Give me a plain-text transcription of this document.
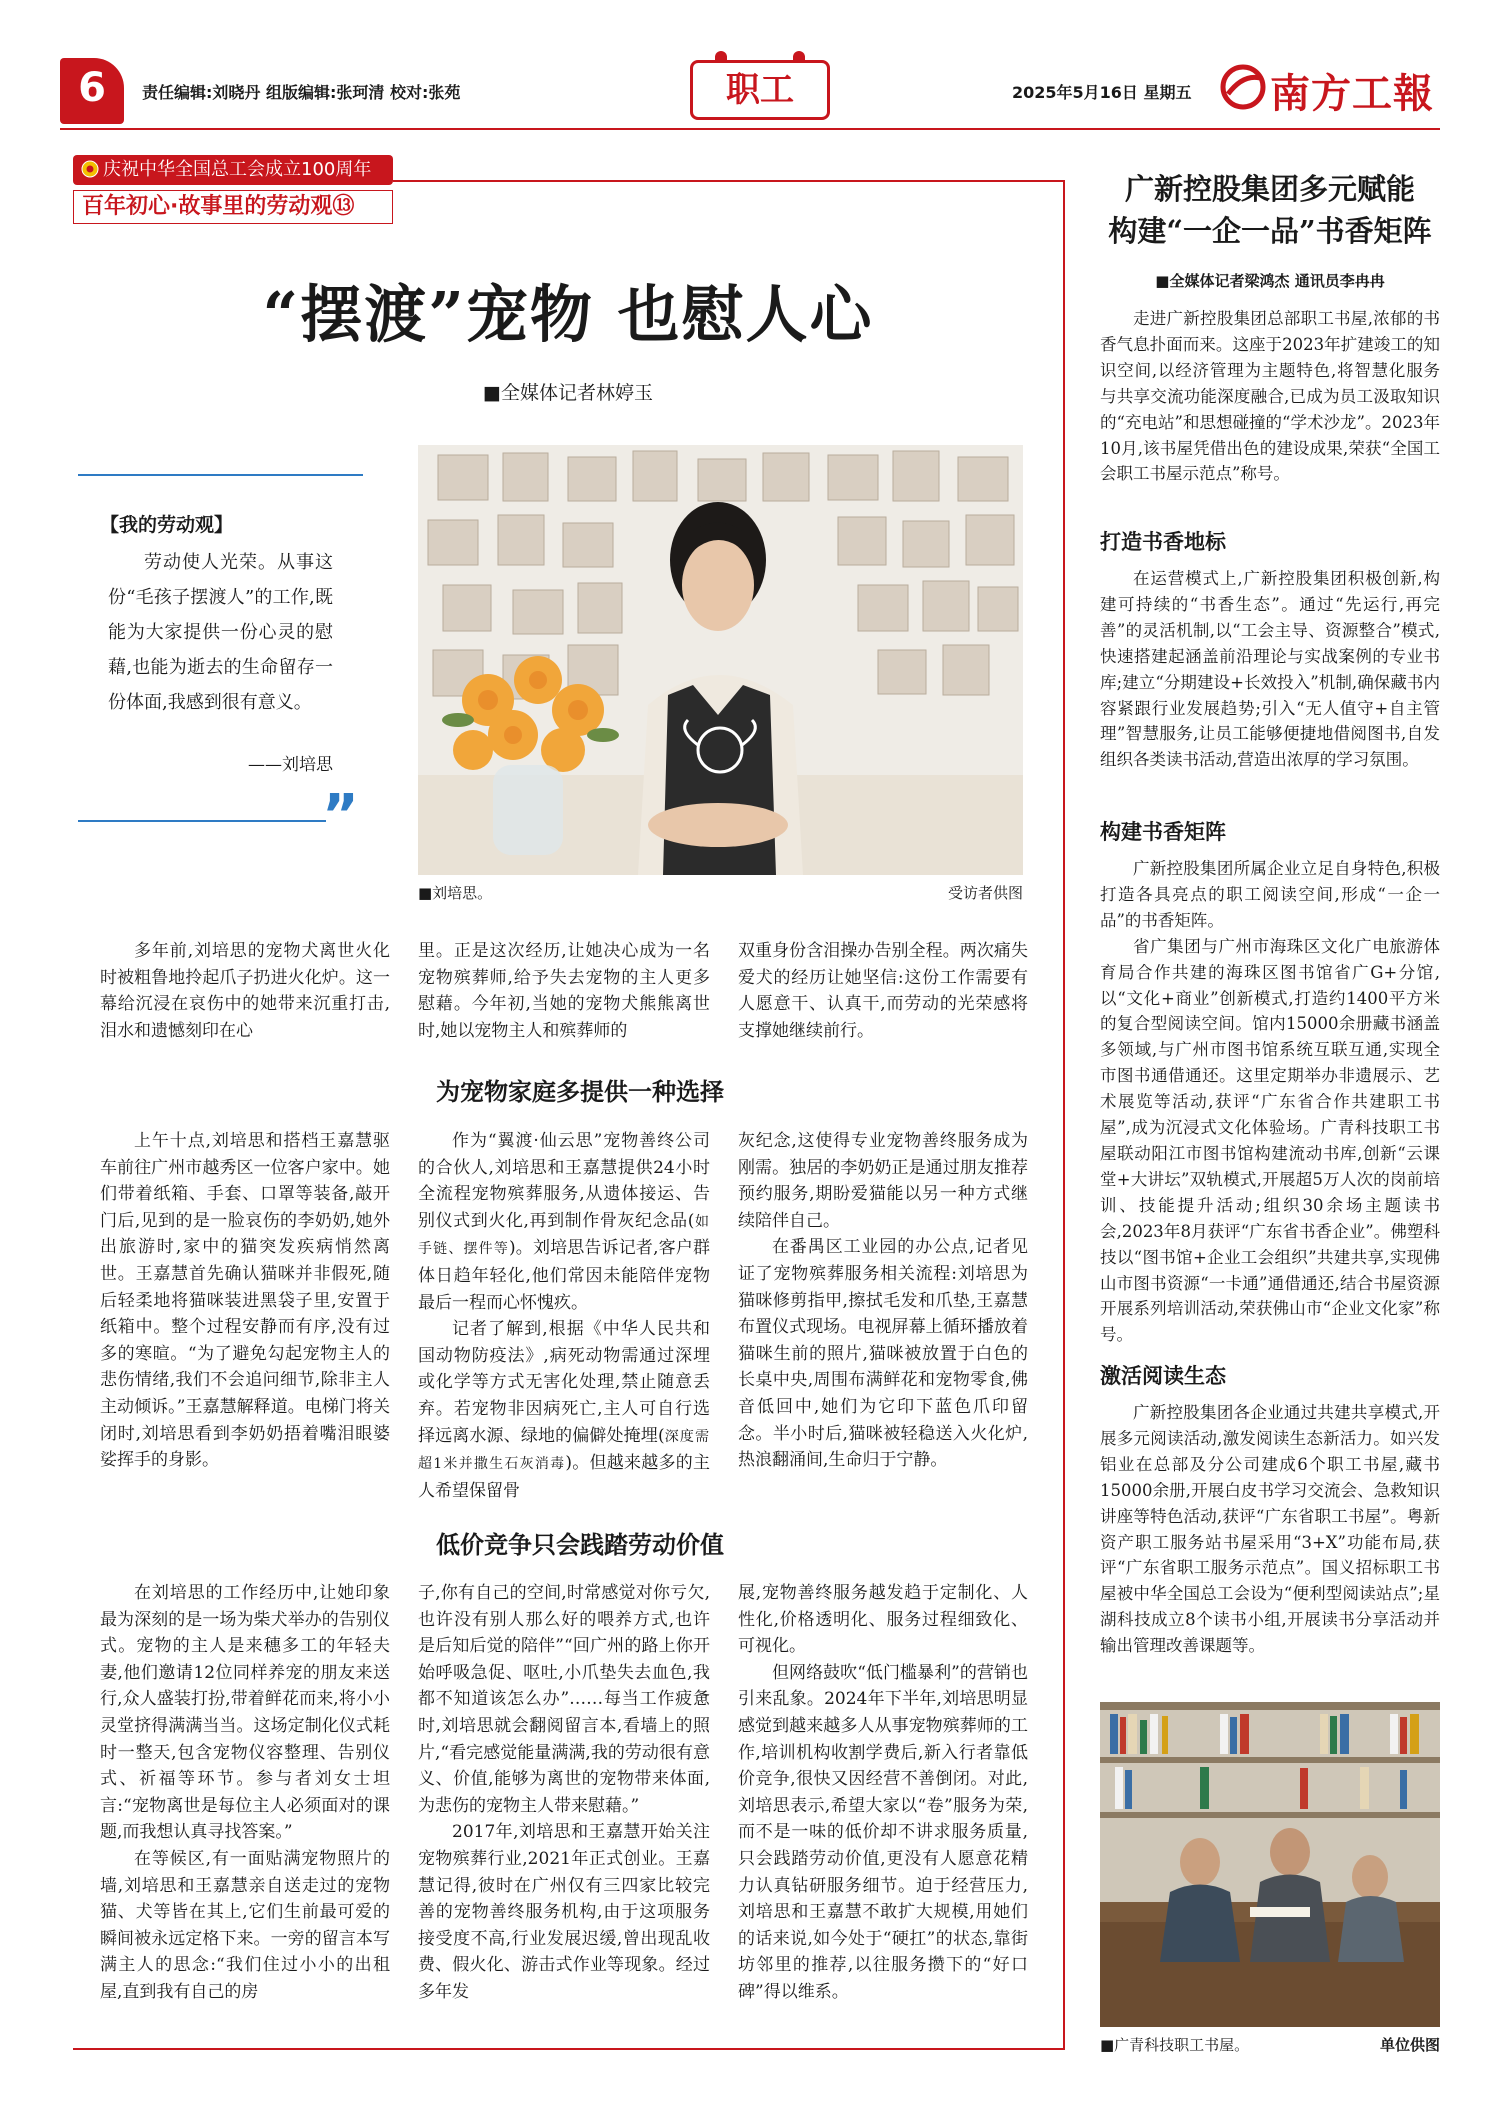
6	责任编辑:刘晓丹 组版编辑:张珂清 校对:张苑	职工	2025年5月16日 星期五 南方工報
庆祝中华全国总工会成立100周年
百年初心·故事里的劳动观⑬
“摆渡”宠物 也慰人心
■全媒体记者林婷玉
【我的劳动观】
劳动使人光荣。从事这份“毛孩子摆渡人”的工作,既能为大家提供一份心灵的慰藉,也能为逝去的生命留存一份体面,我感到很有意义。
——刘培思
”
■刘培思。	受访者供图
多年前,刘培思的宠物犬离世火化时被粗鲁地拎起爪子扔进火化炉。这一幕给沉浸在哀伤中的她带来沉重打击,泪水和遗憾刻印在心
里。正是这次经历,让她决心成为一名宠物殡葬师,给予失去宠物的主人更多慰藉。今年初,当她的宠物犬熊熊离世时,她以宠物主人和殡葬师的
双重身份含泪操办告别全程。两次痛失爱犬的经历让她坚信:这份工作需要有人愿意干、认真干,而劳动的光荣感将支撑她继续前行。
为宠物家庭多提供一种选择
上午十点,刘培思和搭档王嘉慧驱车前往广州市越秀区一位客户家中。她们带着纸箱、手套、口罩等装备,敲开门后,见到的是一脸哀伤的李奶奶,她外出旅游时,家中的猫突发疾病悄然离世。王嘉慧首先确认猫咪并非假死,随后轻柔地将猫咪装进黑袋子里,安置于纸箱中。整个过程安静而有序,没有过多的寒暄。“为了避免勾起宠物主人的悲伤情绪,我们不会追问细节,除非主人主动倾诉。”王嘉慧解释道。电梯门将关闭时,刘培思看到李奶奶捂着嘴泪眼婆娑挥手的身影。

作为“翼渡·仙云思”宠物善终公司的合伙人,刘培思和王嘉慧提供24小时全流程宠物殡葬服务,从遗体接运、告别仪式到火化,再到制作骨灰纪念品(如手链、摆件等)。刘培思告诉记者,客户群体日趋年轻化,他们常因未能陪伴宠物最后一程而心怀愧疚。

记者了解到,根据《中华人民共和国动物防疫法》,病死动物需通过深埋或化学等方式无害化处理,禁止随意丢弃。若宠物非因病死亡,主人可自行选择远离水源、绿地的偏僻处掩埋(深度需超1米并撒生石灰消毒)。但越来越多的主人希望保留骨

灰纪念,这使得专业宠物善终服务成为刚需。独居的李奶奶正是通过朋友推荐预约服务,期盼爱猫能以另一种方式继续陪伴自己。

在番禺区工业园的办公点,记者见证了宠物殡葬服务相关流程:刘培思为猫咪修剪指甲,擦拭毛发和爪垫,王嘉慧布置仪式现场。电视屏幕上循环播放着猫咪生前的照片,猫咪被放置于白色的长桌中央,周围布满鲜花和宠物零食,佛音低回中,她们为它印下蓝色爪印留念。半小时后,猫咪被轻稳送入火化炉,热浪翻涌间,生命归于宁静。

低价竞争只会践踏劳动价值

在刘培思的工作经历中,让她印象最为深刻的是一场为柴犬举办的告别仪式。宠物的主人是来穗多工的年轻夫妻,他们邀请12位同样养宠的朋友来送行,众人盛装打扮,带着鲜花而来,将小小灵堂挤得满满当当。这场定制化仪式耗时一整天,包含宠物仪容整理、告别仪式、祈福等环节。参与者刘女士坦言:“宠物离世是每位主人必须面对的课题,而我想认真寻找答案。”

在等候区,有一面贴满宠物照片的墙,刘培思和王嘉慧亲自送走过的宠物猫、犬等皆在其上,它们生前最可爱的瞬间被永远定格下来。一旁的留言本写满主人的思念:“我们住过小小的出租屋,直到我有自己的房

子,你有自己的空间,时常感觉对你亏欠,也许没有别人那么好的喂养方式,也许是后知后觉的陪伴”“回广州的路上你开始呼吸急促、呕吐,小爪垫失去血色,我都不知道该怎么办”……每当工作疲惫时,刘培思就会翻阅留言本,看墙上的照片,“看完感觉能量满满,我的劳动很有意义、价值,能够为离世的宠物带来体面,为悲伤的宠物主人带来慰藉。”

2017年,刘培思和王嘉慧开始关注宠物殡葬行业,2021年正式创业。王嘉慧记得,彼时在广州仅有三四家比较完善的宠物善终服务机构,由于这项服务接受度不高,行业发展迟缓,曾出现乱收费、假火化、游击式作业等现象。经过多年发

展,宠物善终服务越发趋于定制化、人性化,价格透明化、服务过程细致化、可视化。

但网络鼓吹“低门槛暴利”的营销也引来乱象。2024年下半年,刘培思明显感觉到越来越多人从事宠物殡葬师的工作,培训机构收割学费后,新入行者靠低价竞争,很快又因经营不善倒闭。对此,刘培思表示,希望大家以“卷”服务为荣,而不是一味的低价却不讲求服务质量,只会践踏劳动价值,更没有人愿意花精力认真钻研服务细节。迫于经营压力,刘培思和王嘉慧不敢扩大规模,用她们的话来说,如今处于“硬扛”的状态,靠街坊邻里的推荐,以往服务攒下的“好口碑”得以维系。

广新控股集团多元赋能
构建“一企一品”书香矩阵
■全媒体记者梁鸿杰 通讯员李冉冉

走进广新控股集团总部职工书屋,浓郁的书香气息扑面而来。这座于2023年扩建竣工的知识空间,以经济管理为主题特色,将智慧化服务与共享交流功能深度融合,已成为员工汲取知识的“充电站”和思想碰撞的“学术沙龙”。2023年10月,该书屋凭借出色的建设成果,荣获“全国工会职工书屋示范点”称号。

打造书香地标

在运营模式上,广新控股集团积极创新,构建可持续的“书香生态”。通过“先运行,再完善”的灵活机制,以“工会主导、资源整合”模式,快速搭建起涵盖前沿理论与实战案例的专业书库;建立“分期建设+长效投入”机制,确保藏书内容紧跟行业发展趋势;引入“无人值守+自主管理”智慧服务,让员工能够便捷地借阅图书,自发组织各类读书活动,营造出浓厚的学习氛围。

构建书香矩阵

广新控股集团所属企业立足自身特色,积极打造各具亮点的职工阅读空间,形成“一企一品”的书香矩阵。

省广集团与广州市海珠区文化广电旅游体育局合作共建的海珠区图书馆省广G+分馆,以“文化+商业”创新模式,打造约1400平方米的复合型阅读空间。馆内15000余册藏书涵盖多领域,与广州市图书馆系统互联互通,实现全市图书通借通还。这里定期举办非遗展示、艺术展览等活动,获评“广东省合作共建职工书屋”,成为沉浸式文化体验场。广青科技职工书屋联动阳江市图书馆构建流动书库,创新“云课堂+大讲坛”双轨模式,开展超5万人次的岗前培训、技能提升活动;组织30余场主题读书会,2023年8月获评“广东省书香企业”。佛塑科技以“图书馆+企业工会组织”共建共享,实现佛山市图书资源“一卡通”通借通还,结合书屋资源开展系列培训活动,荣获佛山市“企业文化家”称号。

激活阅读生态

广新控股集团各企业通过共建共享模式,开展多元阅读活动,激发阅读生态新活力。如兴发铝业在总部及分公司建成6个职工书屋,藏书15000余册,开展白皮书学习交流会、急救知识讲座等特色活动,获评“广东省职工书屋”。粤新资产职工服务站书屋采用“3+X”功能布局,获评“广东省职工服务示范点”。国义招标职工书屋被中华全国总工会设为“便利型阅读站点”;星湖科技成立8个读书小组,开展读书分享活动并输出管理改善课题等。

■广青科技职工书屋。	单位供图
